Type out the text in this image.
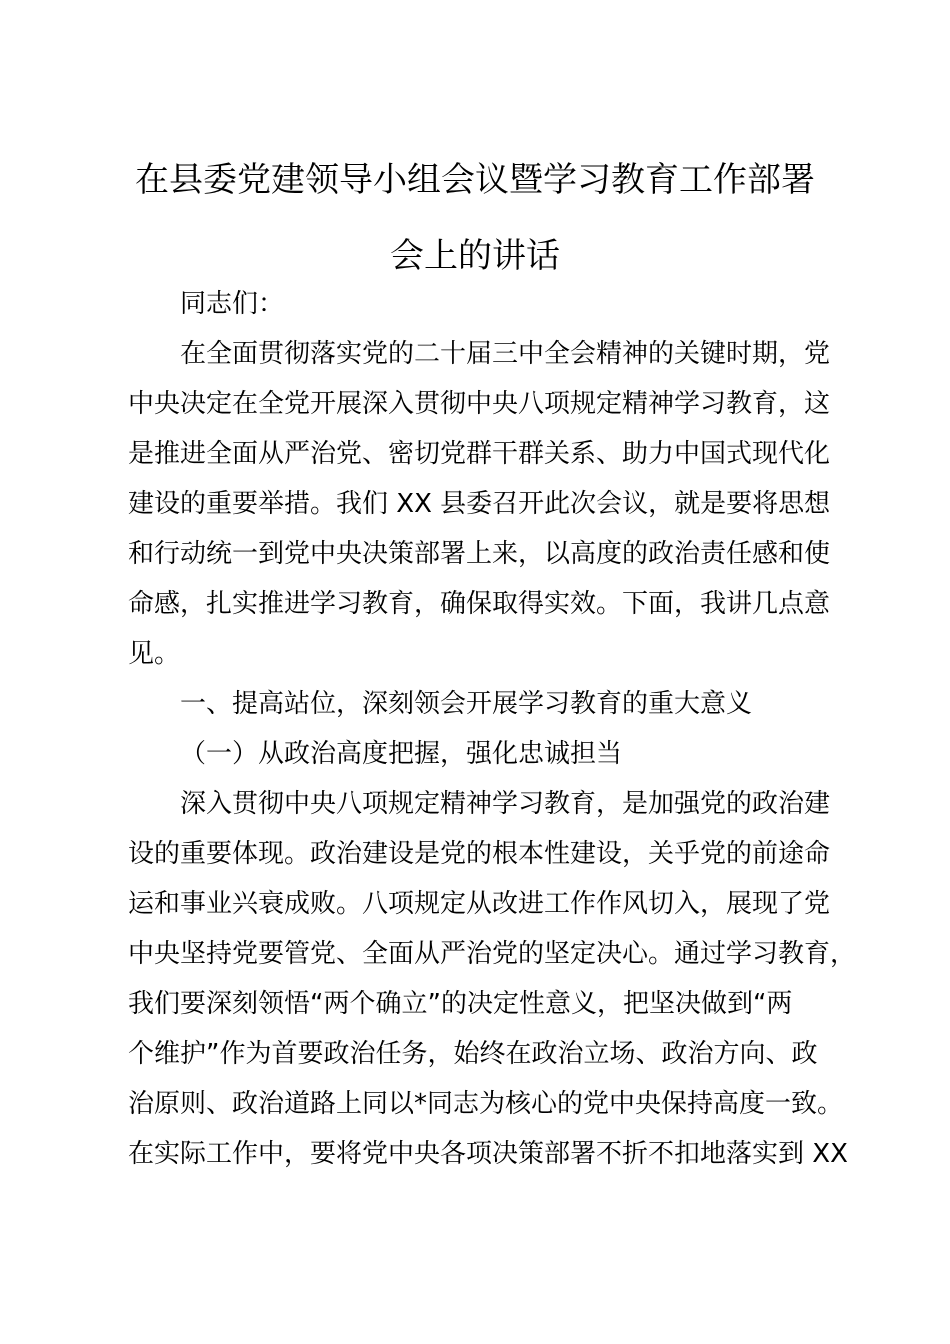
在县委党建领导小组会议暨学习教育工作部署
会上的讲话

同志们：

在全面贯彻落实党的二十届三中全会精神的关键时期，党

中央决定在全党开展深入贯彻中央八项规定精神学习教育，这

是推进全面从严治党、密切党群干群关系、助力中国式现代化

建设的重要举措。我们 XX 县委召开此次会议，就是要将思想

和行动统一到党中央决策部署上来，以高度的政治责任感和使

命感，扎实推进学习教育，确保取得实效。下面，我讲几点意

见。

一、提高站位，深刻领会开展学习教育的重大意义

（一）从政治高度把握，强化忠诚担当

深入贯彻中央八项规定精神学习教育，是加强党的政治建

设的重要体现。政治建设是党的根本性建设，关乎党的前途命

运和事业兴衰成败。八项规定从改进工作作风切入，展现了党

中央坚持党要管党、全面从严治党的坚定决心。通过学习教育，

我们要深刻领悟“两个确立”的决定性意义，把坚决做到“两

个维护”作为首要政治任务，始终在政治立场、政治方向、政

治原则、政治道路上同以*同志为核心的党中央保持高度一致。

在实际工作中，要将党中央各项决策部署不折不扣地落实到 XX
